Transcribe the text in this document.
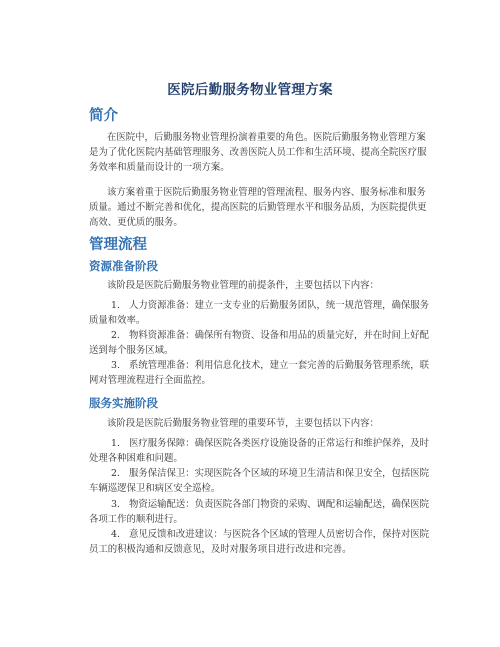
医院后勤服务物业管理方案
简介

在医院中，后勤服务物业管理扮演着重要的角色。医院后勤服务物业管理方案是为了优化医院内基础管理服务、改善医院人员工作和生活环境、提高全院医疗服务效率和质量而设计的一项方案。

该方案着重于医院后勤服务物业管理的管理流程、服务内容、服务标准和服务质量。通过不断完善和优化，提高医院的后勤管理水平和服务品质，为医院提供更高效、更优质的服务。

管理流程
资源准备阶段

该阶段是医院后勤服务物业管理的前提条件，主要包括以下内容：

1. 人力资源准备：建立一支专业的后勤服务团队，统一规范管理，确保服务质量和效率。

2. 物料资源准备：确保所有物资、设备和用品的质量完好，并在时间上好配送到每个服务区域。

3. 系统管理准备：利用信息化技术，建立一套完善的后勤服务管理系统，联网对管理流程进行全面监控。

服务实施阶段

该阶段是医院后勤服务物业管理的重要环节，主要包括以下内容：

1. 医疗服务保障：确保医院各类医疗设施设备的正常运行和维护保养，及时处理各种困难和问题。

2. 服务保洁保卫：实现医院各个区域的环境卫生清洁和保卫安全，包括医院车辆巡逻保卫和病区安全巡检。

3. 物资运输配送：负责医院各部门物资的采购、调配和运输配送，确保医院各项工作的顺利进行。

4. 意见反馈和改进建议：与医院各个区域的管理人员密切合作，保持对医院员工的积极沟通和反馈意见，及时对服务项目进行改进和完善。
